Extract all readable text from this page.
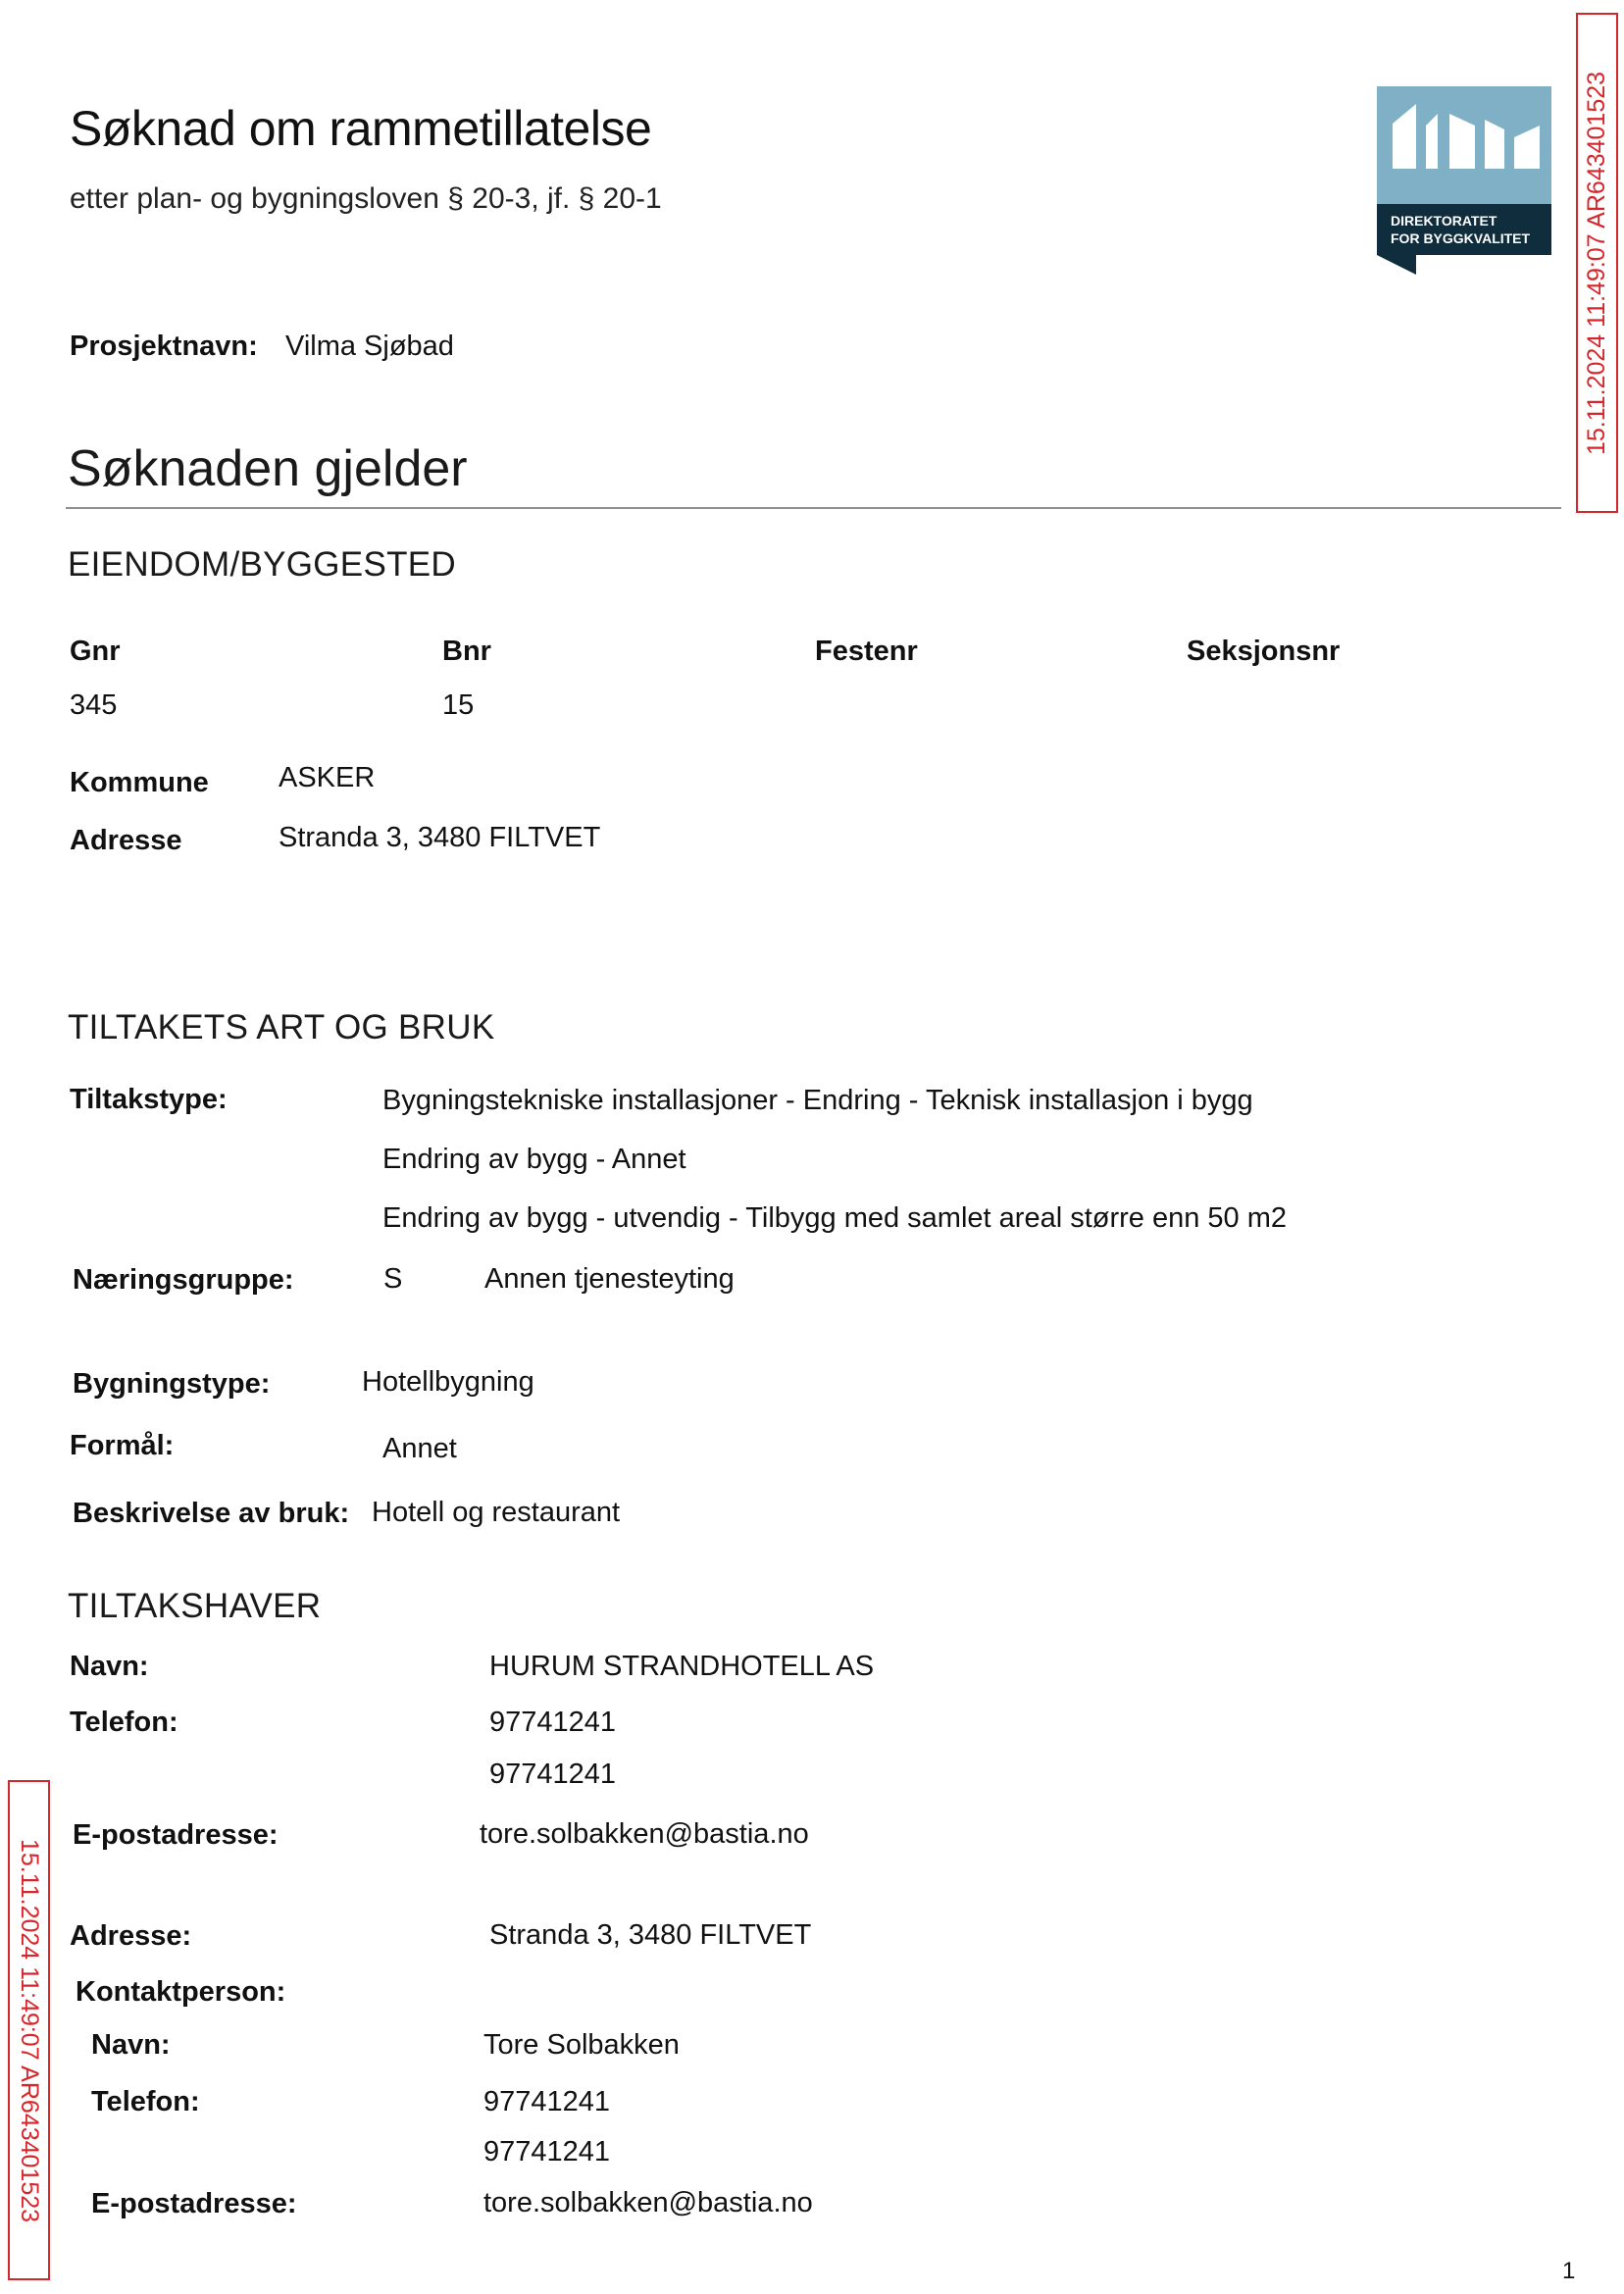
Søknad om rammetillatelse
etter plan- og bygningsloven § 20-3, jf. § 20-1
DIREKTORATET
FOR BYGGKVALITET 15.11.2024 11:49:07 AR643401523
15.11.2024 11:49:07 AR643401523
Prosjektnavn: Vilma Sjøbad
Søknaden gjelder
EIENDOM/BYGGESTED
Gnr	Bnr	Festenr	Seksjonsnr
345	15
Kommune ASKER
Adresse	Stranda 3, 3480 FILTVET
TILTAKETS ART OG BRUK
Tiltakstype:	Bygningstekniske installasjoner - Endring - Teknisk installasjon i bygg
Endring av bygg - Annet
Endring av bygg - utvendig - Tilbygg med samlet areal større enn 50 m2
Næringsgruppe:	S	Annen tjenesteyting
Bygningstype:	Hotellbygning
Formål:	Annet
Beskrivelse av bruk: Hotell og restaurant
TILTAKSHAVER
Navn:	HURUM STRANDHOTELL AS
Telefon:	97741241
97741241
E-postadresse:	tore.solbakken@bastia.no
Adresse:	Stranda 3, 3480 FILTVET
Kontaktperson:
Navn:	Tore Solbakken
Telefon:	97741241
97741241
E-postadresse:	tore.solbakken@bastia.no
1
